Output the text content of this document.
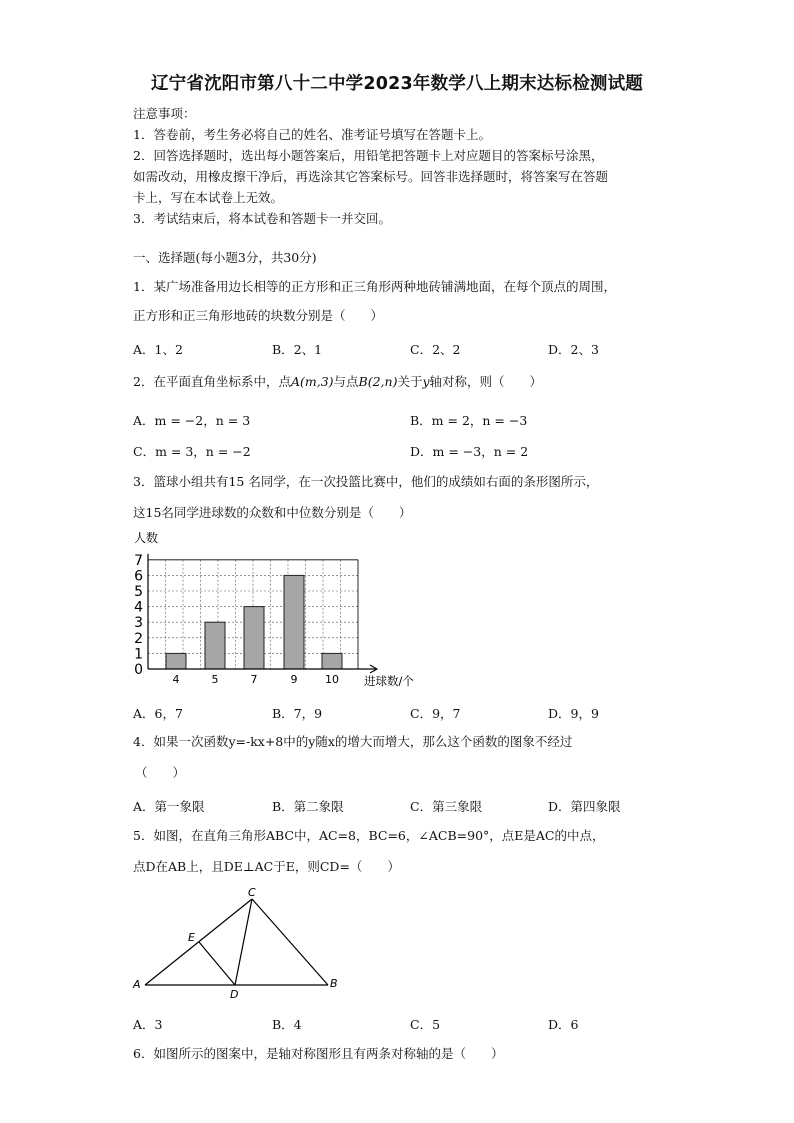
辽宁省沈阳市第八十二中学2023年数学八上期末达标检测试题
注意事项：
1．答卷前，考生务必将自己的姓名、准考证号填写在答题卡上。
2．回答选择题时，选出每小题答案后，用铅笔把答题卡上对应题目的答案标号涂黑，
如需改动，用橡皮擦干净后，再选涂其它答案标号。回答非选择题时，将答案写在答题
卡上，写在本试卷上无效。
3．考试结束后，将本试卷和答题卡一并交回。
一、选择题(每小题3分，共30分)
1．某广场准备用边长相等的正方形和正三角形两种地砖铺满地面，在每个顶点的周围，
正方形和正三角形地砖的块数分别是（　　）
A．1、2	B．2、1	C．2、2	D．2、3
2．在平面直角坐标系中，点A(m,3)与点B(2,n)关于y轴对称，则（　　）
A．m = −2，n = 3	B．m = 2，n = −3
C．m = 3，n = −2	D．m = −3，n = 2
3．篮球小组共有15 名同学，在一次投篮比赛中，他们的成绩如右面的条形图所示，
这15名同学进球数的众数和中位数分别是（　　）
4	5	7	9	10
0
1
2
3
4
5
6
7
人数
进球数/个
A．6，7	B．7，9	C．9，7	D．9，9
4．如果一次函数y=-kx+8中的y随x的增大而增大，那么这个函数的图象不经过
（　　）
A．第一象限	B．第二象限	C．第三象限	D．第四象限
5．如图，在直角三角形ABC中，AC=8，BC=6，∠ACB=90°，点E是AC的中点，
点D在AB上，且DE⊥AC于E，则CD=（　　）
C
E
A
D
B
A．3	B．4	C．5	D．6
6．如图所示的图案中，是轴对称图形且有两条对称轴的是（　　）
